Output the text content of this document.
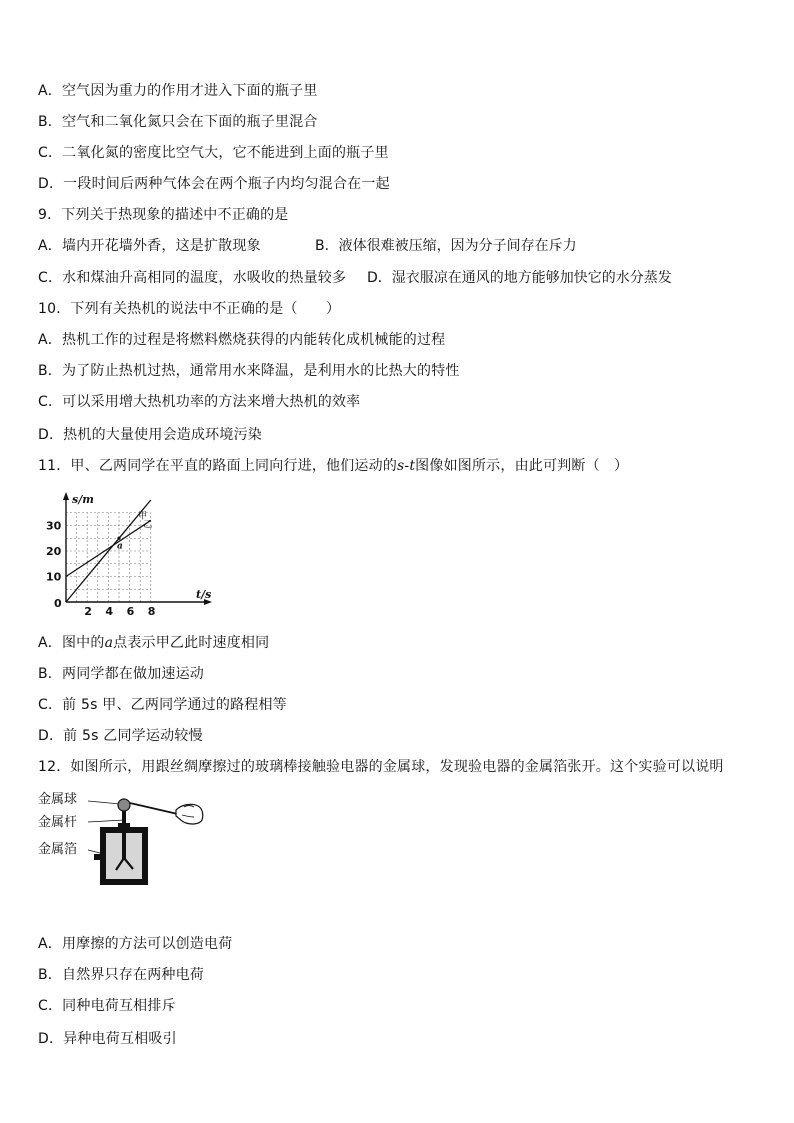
A．空气因为重力的作用才进入下面的瓶子里
B．空气和二氧化氮只会在下面的瓶子里混合
C．二氧化氮的密度比空气大，它不能进到上面的瓶子里
D．一段时间后两种气体会在两个瓶子内均匀混合在一起
9．下列关于热现象的描述中不正确的是
A．墙内开花墙外香，这是扩散现象	B．液体很难被压缩，因为分子间存在斥力
C．水和煤油升高相同的温度，水吸收的热量较多 D．湿衣服凉在通风的地方能够加快它的水分蒸发
10．下列有关热机的说法中不正确的是（　　）
A．热机工作的过程是将燃料燃烧获得的内能转化成机械能的过程
B．为了防止热机过热，通常用水来降温，是利用水的比热大的特性
C．可以采用增大热机功率的方法来增大热机的效率
D．热机的大量使用会造成环境污染
11．甲、乙两同学在平直的路面上同向行进，他们运动的s-t图像如图所示，由此可判断（　）
s/m
t/s
0
2 4 6 8
10
20
30
甲
乙
a
A．图中的a点表示甲乙此时速度相同
B．两同学都在做加速运动
C．前 5s 甲、乙两同学通过的路程相等
D．前 5s 乙同学运动较慢
12．如图所示，用跟丝绸摩擦过的玻璃棒接触验电器的金属球，发现验电器的金属箔张开。这个实验可以说明
金属球
金属杆
金属箔
A．用摩擦的方法可以创造电荷
B．自然界只存在两种电荷
C．同种电荷互相排斥
D．异种电荷互相吸引
